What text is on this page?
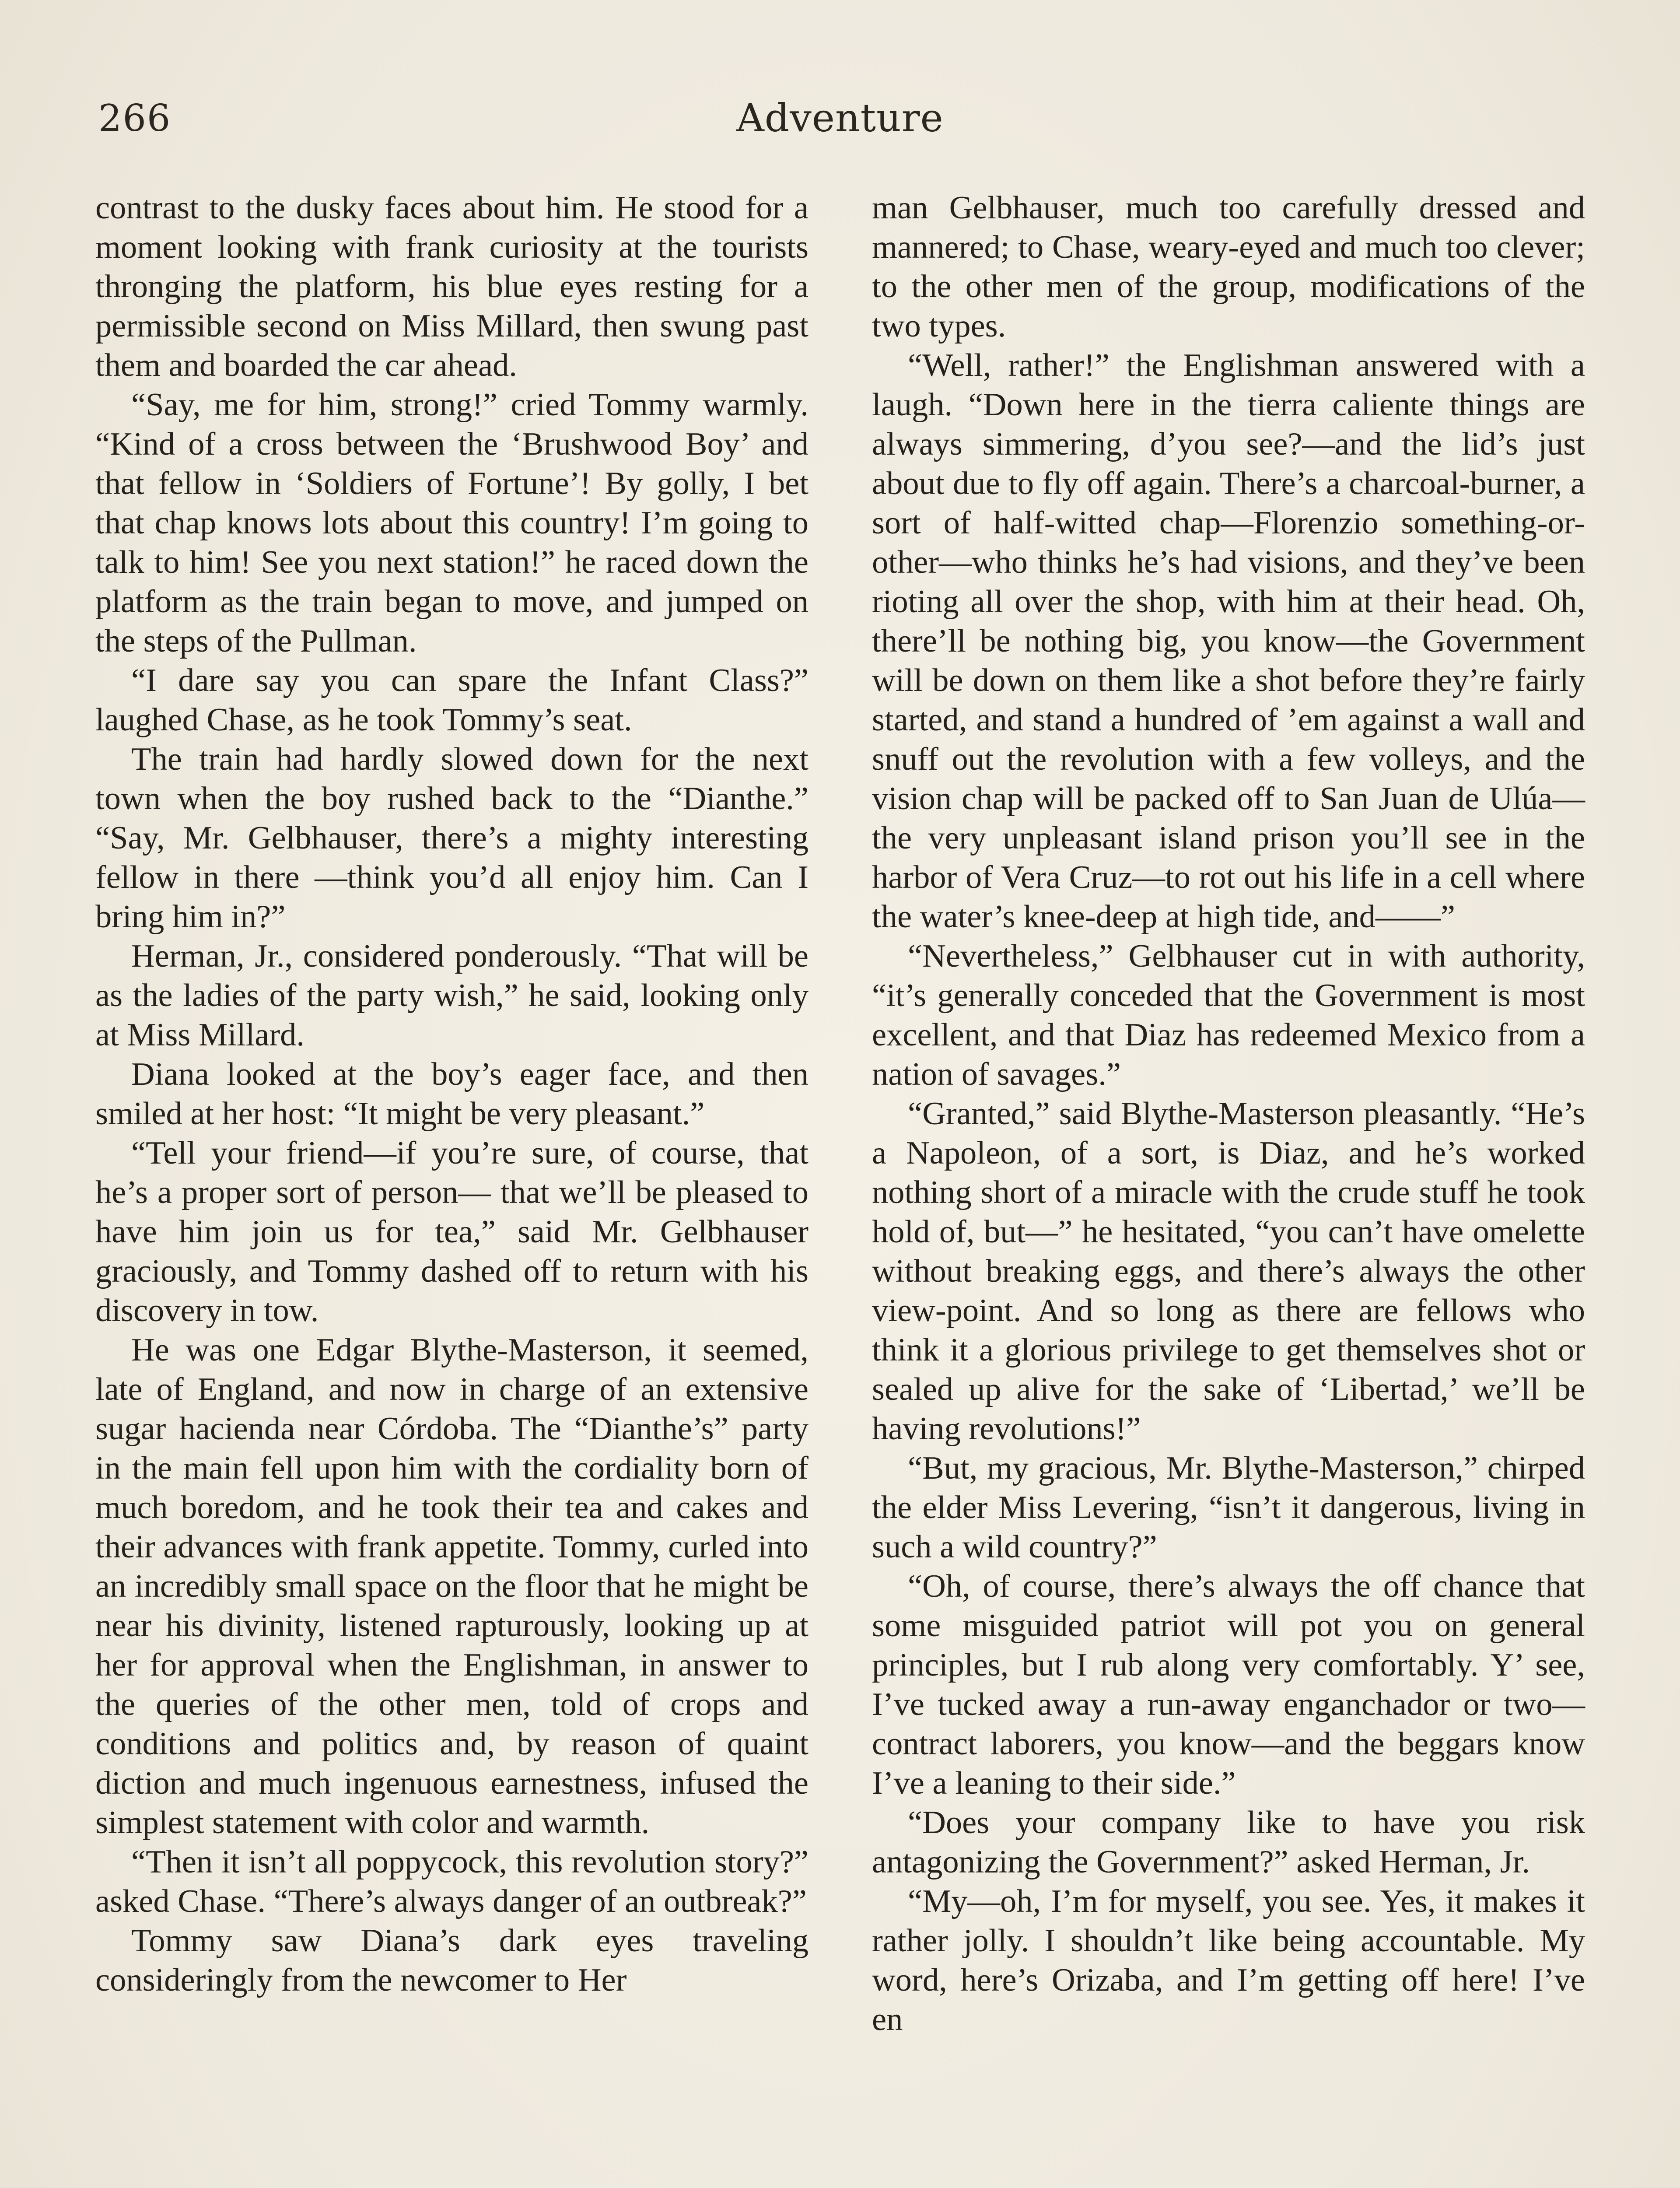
266	Adventure

contrast to the dusky faces about him. He stood for a moment looking with frank curiosity at the tourists thronging the platform, his blue eyes resting for a permissible second on Miss Millard, then swung past them and boarded the car ahead.

“Say, me for him, strong!” cried Tommy warmly. “Kind of a cross between the ‘Brushwood Boy’ and that fellow in ‘Soldiers of Fortune’! By golly, I bet that chap knows lots about this country! I’m going to talk to him! See you next station!” he raced down the platform as the train began to move, and jumped on the steps of the Pullman.

“I dare say you can spare the Infant Class?” laughed Chase, as he took Tommy’s seat.

The train had hardly slowed down for the next town when the boy rushed back to the “Dianthe.” “Say, Mr. Gelbhauser, there’s a mighty interesting fellow in there —think you’d all enjoy him. Can I bring him in?”

Herman, Jr., considered ponderously. “That will be as the ladies of the party wish,” he said, looking only at Miss Millard.

Diana looked at the boy’s eager face, and then smiled at her host: “It might be very pleasant.”

“Tell your friend—if you’re sure, of course, that he’s a proper sort of person— that we’ll be pleased to have him join us for tea,” said Mr. Gelbhauser graciously, and Tommy dashed off to return with his discovery in tow.

He was one Edgar Blythe-Masterson, it seemed, late of England, and now in charge of an extensive sugar hacienda near Córdoba. The “Dianthe’s” party in the main fell upon him with the cordiality born of much boredom, and he took their tea and cakes and their advances with frank appetite. Tommy, curled into an incredibly small space on the floor that he might be near his divinity, listened rapturously, looking up at her for approval when the Englishman, in answer to the queries of the other men, told of crops and conditions and politics and, by reason of quaint diction and much ingenuous earnestness, infused the simplest statement with color and warmth.

“Then it isn’t all poppycock, this revolution story?” asked Chase. “There’s always danger of an outbreak?”

Tommy saw Diana’s dark eyes traveling consideringly from the newcomer to Her

man Gelbhauser, much too carefully dressed and mannered; to Chase, weary-eyed and much too clever; to the other men of the group, modifications of the two types.

“Well, rather!” the Englishman answered with a laugh. “Down here in the tierra caliente things are always simmering, d’you see?—and the lid’s just about due to fly off again. There’s a charcoal-burner, a sort of half-witted chap—Florenzio something-or-other—who thinks he’s had visions, and they’ve been rioting all over the shop, with him at their head. Oh, there’ll be nothing big, you know—the Government will be down on them like a shot before they’re fairly started, and stand a hundred of ’em against a wall and snuff out the revolution with a few volleys, and the vision chap will be packed off to San Juan de Ulúa—the very unpleasant island prison you’ll see in the harbor of Vera Cruz—to rot out his life in a cell where the water’s knee-deep at high tide, and——”

“Nevertheless,” Gelbhauser cut in with authority, “it’s generally conceded that the Government is most excellent, and that Diaz has redeemed Mexico from a nation of savages.”

“Granted,” said Blythe-Masterson pleasantly. “He’s a Napoleon, of a sort, is Diaz, and he’s worked nothing short of a miracle with the crude stuff he took hold of, but—” he hesitated, “you can’t have omelette without breaking eggs, and there’s always the other view-point. And so long as there are fellows who think it a glorious privilege to get themselves shot or sealed up alive for the sake of ‘Libertad,’ we’ll be having revolutions!”

“But, my gracious, Mr. Blythe-Masterson,” chirped the elder Miss Levering, “isn’t it dangerous, living in such a wild country?”

“Oh, of course, there’s always the off chance that some misguided patriot will pot you on general principles, but I rub along very comfortably. Y’ see, I’ve tucked away a run-away enganchador or two— contract laborers, you know—and the beggars know I’ve a leaning to their side.”

“Does your company like to have you risk antagonizing the Government?” asked Herman, Jr.

“My—oh, I’m for myself, you see. Yes, it makes it rather jolly. I shouldn’t like being accountable. My word, here’s Orizaba, and I’m getting off here! I’ve en
